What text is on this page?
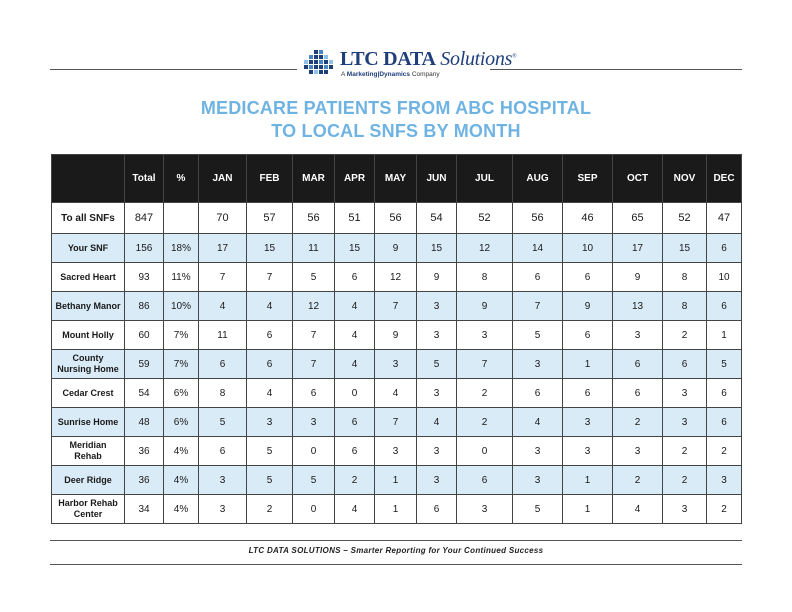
LTC DATA Solutions®
A Marketing|Dynamics Company
MEDICARE PATIENTS FROM ABC HOSPITAL
TO LOCAL SNFS BY MONTH
	Total	%	JAN	FEB	MAR	APR	MAY	JUN	JUL	AUG	SEP	OCT	NOV	DEC
To all SNFs	847		70	57	56	51	56	54	52	56	46	65	52	47
Your SNF	156	18%	17	15	11	15	9	15	12	14	10	17	15	6
Sacred Heart	93	11%	7	7	5	6	12	9	8	6	6	9	8	10
Bethany Manor	86	10%	4	4	12	4	7	3	9	7	9	13	8	6
Mount Holly	60	7%	11	6	7	4	9	3	3	5	6	3	2	1
County Nursing Home	59	7%	6	6	7	4	3	5	7	3	1	6	6	5
Cedar Crest	54	6%	8	4	6	0	4	3	2	6	6	6	3	6
Sunrise Home	48	6%	5	3	3	6	7	4	2	4	3	2	3	6
Meridian Rehab	36	4%	6	5	0	6	3	3	0	3	3	3	2	2
Deer Ridge	36	4%	3	5	5	2	1	3	6	3	1	2	2	3
Harbor Rehab Center	34	4%	3	2	0	4	1	6	3	5	1	4	3	2
LTC DATA SOLUTIONS – Smarter Reporting for Your Continued Success
